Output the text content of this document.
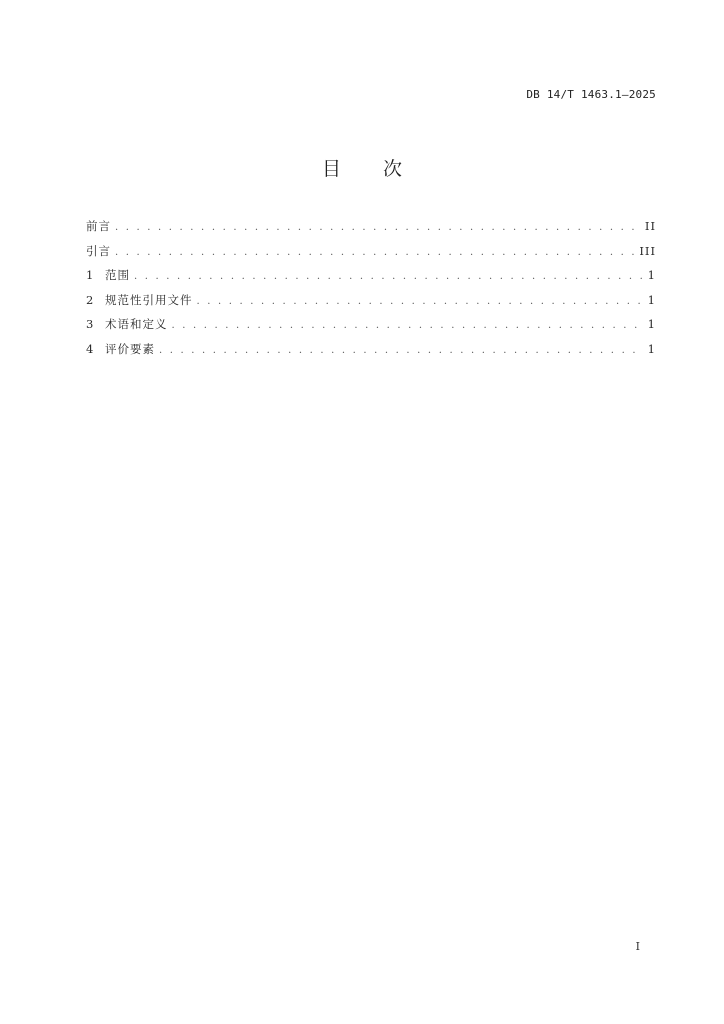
DB 14/T 1463.1—2025
目 次
前言 . . .	II
引言 . . .	III
1	范围 . . .	1
2	规范性引用文件 . . .	1
3	术语和定义 . . .	1
4	评价要素 . . .	1
I
